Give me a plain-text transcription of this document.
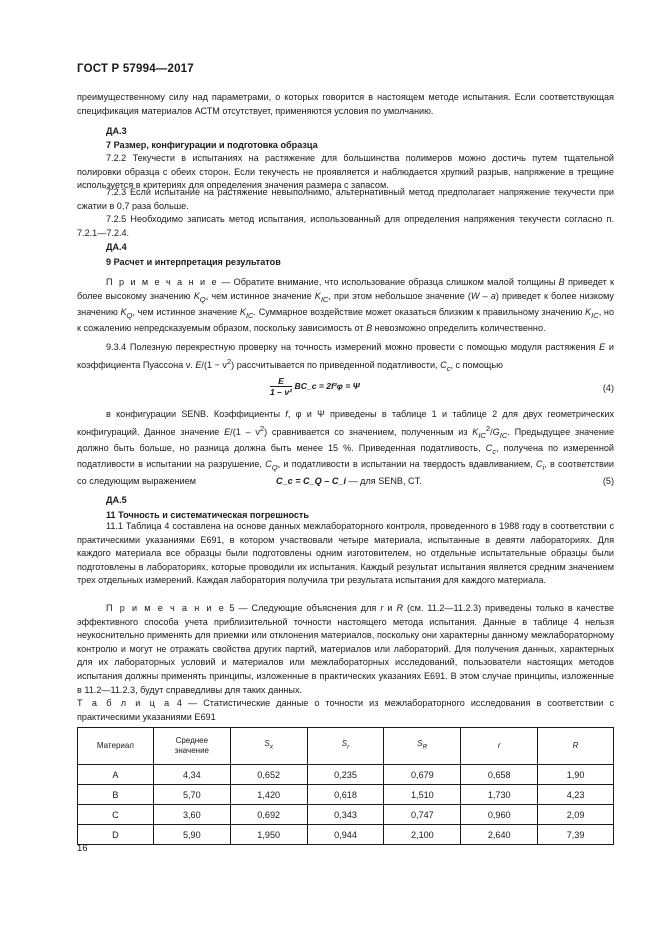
ГОСТ Р 57994—2017

преимущественному силу над параметрами, о которых говорится в настоящем методе испытания. Если соответствующая спецификация материалов АСТМ отсутствует, применяются условия по умолчанию.

ДА.3

7 Размер, конфигурации и подготовка образца

7.2.2 Текучести в испытаниях на растяжение для большинства полимеров можно достичь путем тщательной полировки образца с обеих сторон. Если текучесть не проявляется и наблюдается хрупкий разрыв, напряжение в трещине используется в критериях для определения значения размера с запасом.

7.2.3 Если испытание на растяжение невыполнимо, альтернативный метод предполагает напряжение текучести при сжатии в 0,7 раза больше.

7.2.5 Необходимо записать метод испытания, использованный для определения напряжения текучести согласно п. 7.2.1—7.2.4.

ДА.4

9 Расчет и интерпретация результатов

П р и м е ч а н и е — Обратите внимание, что использование образца слишком малой толщины B приведет к более высокому значению $K_Q$, чем истинное значение $K_{IC}$, при этом небольшое значение (W – a) приведет к более низкому значению $K_Q$, чем истинное значение $K_{IC}$. Суммарное воздействие может оказаться близким к правильному значению $K_{IC}$, но к сожалению непредсказуемым образом, поскольку зависимость от B невозможно определить количественно.

9.3.4 Полезную перекрестную проверку на точность измерений можно провести с помощью модуля растяжения E и коэффициента Пуассона ν. $E/(1 - \nu^2)$ рассчитывается по приведенной податливости, $C_c$, с помощью

$\frac{E}{\text{1 – ν²}}$ BC_c = 2f²φ = Ψ	(4)

в конфигурации SENB. Коэффициенты f, φ и Ψ приведены в таблице 1 и таблице 2 для двух геометрических конфигураций. Данное значение $E/(1 - \nu^2)$ сравнивается со значением, полученным из $K_{IC}^2/G_{IC}$. Предыдущее значение должно быть больше, но разница должна быть менее 15 %. Приведенная податливость, $C_c$, получена по измеренной податливости в испытании на разрушение, $C_Q$, и податливости в испытании на твердость вдавливанием, $C_i$, в соответствии со следующим выражением	C_c = C_Q – C_i — для SENB, CT.	(5)

ДА.5

11 Точность и систематическая погрешность

11.1 Таблица 4 составлена на основе данных межлабораторного контроля, проведенного в 1988 году в соответствии с практическими указаниями E691, в котором участвовали четыре материала, испытанные в девяти лабораториях. Для каждого материала все образцы были подготовлены одним изготовителем, но отдельные испытательные образцы были подготовлены в лабораториях, которые проводили их испытания. Каждый результат испытания является средним значением трех отдельных измерений. Каждая лаборатория получила три результата испытания для каждого материала.

П р и м е ч а н и е 5 — Следующие объяснения для r и R (см. 11.2—11.2.3) приведены только в качестве эффективного способа учета приблизительной точности настоящего метода испытания. Данные в таблице 4 нельзя неукоснительно применять для приемки или отклонения материалов, поскольку они характерны данному межлабораторному контролю и могут не отражать свойства других партий, материалов или лабораторий. Для получения данных, характерных для их лабораторных условий и материалов или межлабораторных исследований, пользователи настоящих методов испытания должны применять принципы, изложенные в практических указаниях E691. В этом случае принципы, изложенные в 11.2—11.2.3, будут справедливы для таких данных.

Т а б л и ц а 4 — Статистические данные о точности из межлабораторного исследования в соответствии с практическими указаниями E691

Материал	Среднее
значение	$S_x$	$S_r$	$S_R$	r	R
A	4,34	0,652	0,235	0,679	0,658	1,90
B	5,70	1,420	0,618	1,510	1,730	4,23
C	3,60	0,692	0,343	0,747	0,960	2,09
D	5,90	1,950	0,944	2,100	2,640	7,39
16
